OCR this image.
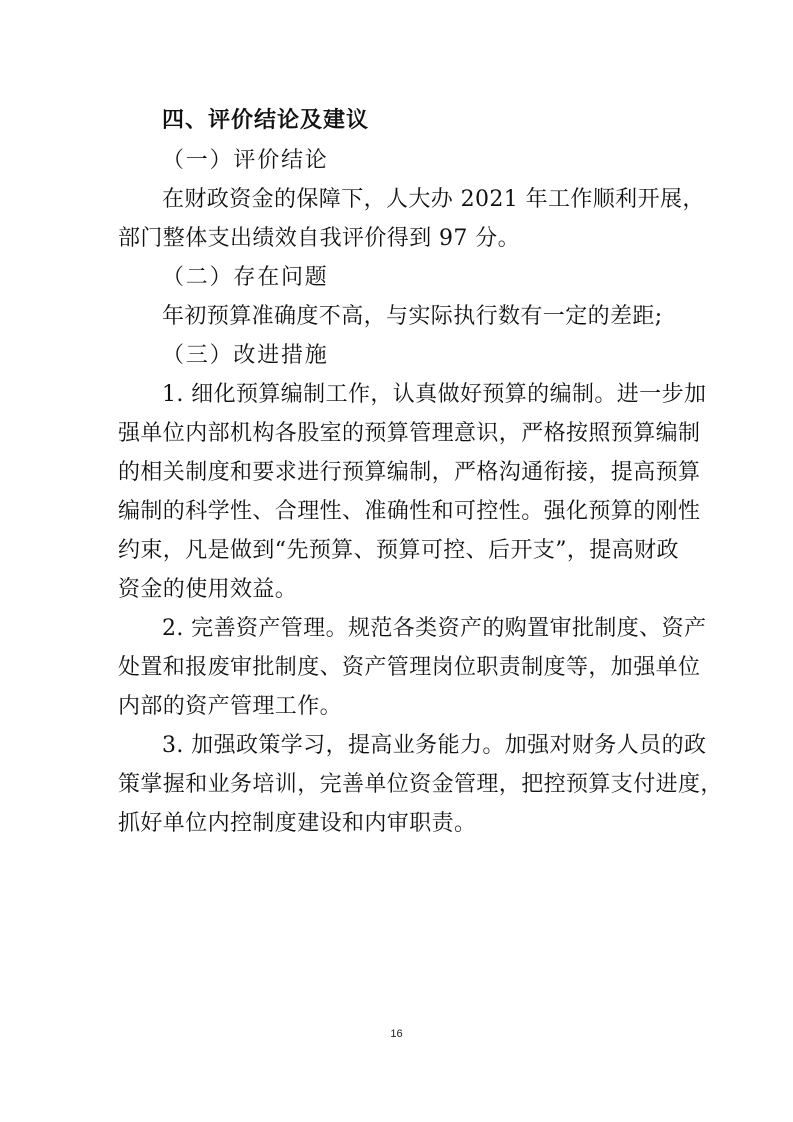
四、评价结论及建议
（一）评价结论
在财政资金的保障下，人大办 2021 年工作顺利开展，
部门整体支出绩效自我评价得到 97 分。
（二）存在问题
年初预算准确度不高，与实际执行数有一定的差距;
（三）改进措施
1. 细化预算编制工作，认真做好预算的编制。进一步加
强单位内部机构各股室的预算管理意识，严格按照预算编制
的相关制度和要求进行预算编制，严格沟通衔接，提高预算
编制的科学性、合理性、准确性和可控性。强化预算的刚性
约束，凡是做到“先预算、预算可控、后开支”，提高财政
资金的使用效益。
2. 完善资产管理。规范各类资产的购置审批制度、资产
处置和报废审批制度、资产管理岗位职责制度等，加强单位
内部的资产管理工作。
3. 加强政策学习，提高业务能力。加强对财务人员的政
策掌握和业务培训，完善单位资金管理，把控预算支付进度，
抓好单位内控制度建设和内审职责。
16
